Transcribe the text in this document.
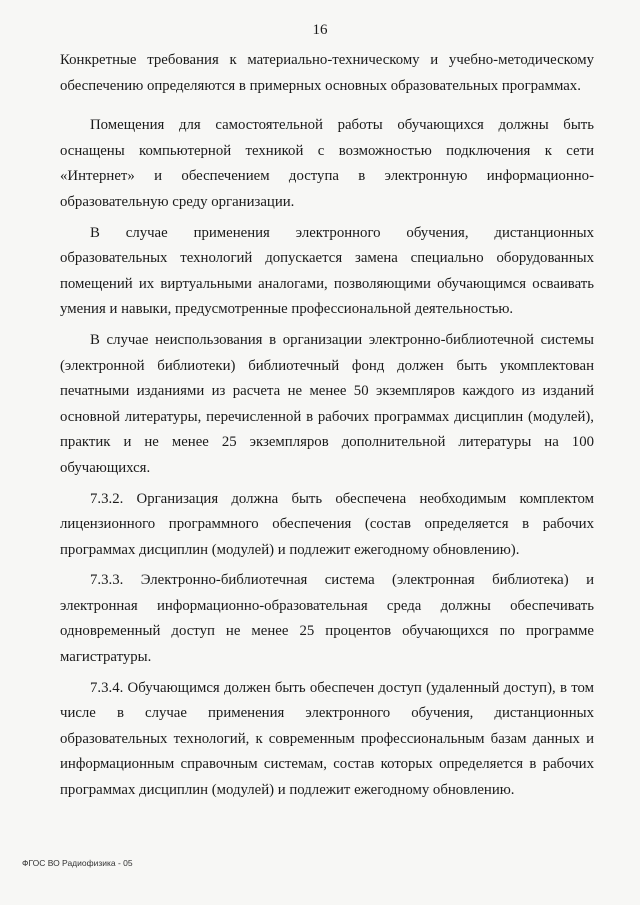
16

Конкретные требования к материально-техническому и учебно-методическому обеспечению определяются в примерных основных образовательных программах.

Помещения для самостоятельной работы обучающихся должны быть оснащены компьютерной техникой с возможностью подключения к сети «Интернет» и обеспечением доступа в электронную информационно-образовательную среду организации.

В случае применения электронного обучения, дистанционных образовательных технологий допускается замена специально оборудованных помещений их виртуальными аналогами, позволяющими обучающимся осваивать умения и навыки, предусмотренные профессиональной деятельностью.

В случае неиспользования в организации электронно-библиотечной системы (электронной библиотеки) библиотечный фонд должен быть укомплектован печатными изданиями из расчета не менее 50 экземпляров каждого из изданий основной литературы, перечисленной в рабочих программах дисциплин (модулей), практик и не менее 25 экземпляров дополнительной литературы на 100 обучающихся.

7.3.2. Организация должна быть обеспечена необходимым комплектом лицензионного программного обеспечения (состав определяется в рабочих программах дисциплин (модулей) и подлежит ежегодному обновлению).

7.3.3. Электронно-библиотечная система (электронная библиотека) и электронная информационно-образовательная среда должны обеспечивать одновременный доступ не менее 25 процентов обучающихся по программе магистратуры.

7.3.4. Обучающимся должен быть обеспечен доступ (удаленный доступ), в том числе в случае применения электронного обучения, дистанционных образовательных технологий, к современным профессиональным базам данных и информационным справочным системам, состав которых определяется в рабочих программах дисциплин (модулей) и подлежит ежегодному обновлению.

ФГОС ВО Радиофизика - 05
